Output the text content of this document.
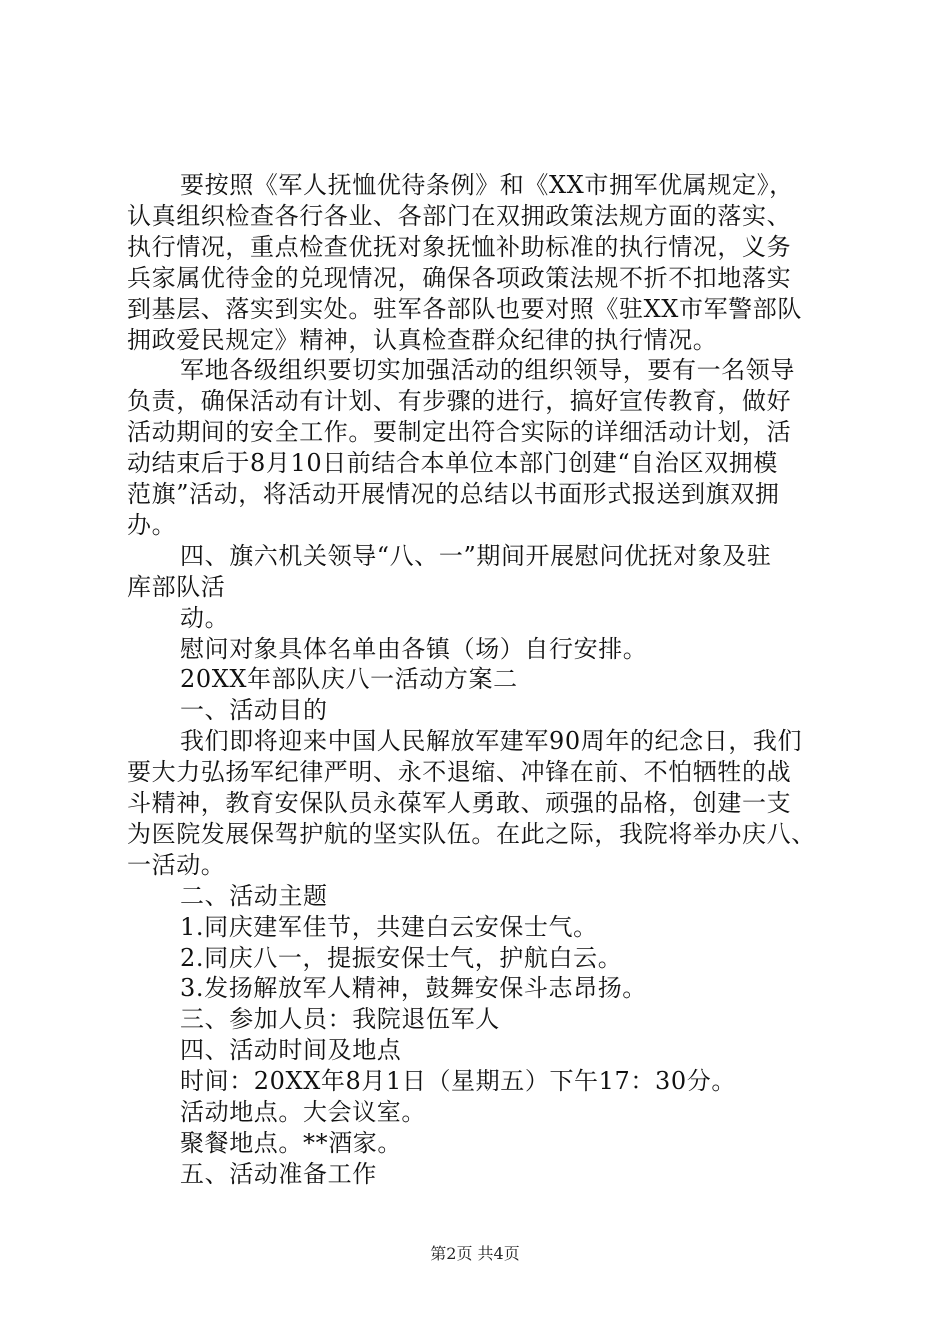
要按照《军人抚恤优待条例》和《XX市拥军优属规定》，
认真组织检查各行各业、各部门在双拥政策法规方面的落实、
执行情况，重点检查优抚对象抚恤补助标准的执行情况，义务
兵家属优待金的兑现情况，确保各项政策法规不折不扣地落实
到基层、落实到实处。驻军各部队也要对照《驻XX市军警部队
拥政爱民规定》精神，认真检查群众纪律的执行情况。
军地各级组织要切实加强活动的组织领导，要有一名领导
负责，确保活动有计划、有步骤的进行，搞好宣传教育，做好
活动期间的安全工作。要制定出符合实际的详细活动计划，活
动结束后于8月10日前结合本单位本部门创建“自治区双拥模
范旗”活动，将活动开展情况的总结以书面形式报送到旗双拥
办。
四、旗六机关领导“八、一”期间开展慰问优抚对象及驻
库部队活
动。
慰问对象具体名单由各镇（场）自行安排。
20XX年部队庆八一活动方案二
一、活动目的
我们即将迎来中国人民解放军建军90周年的纪念日，我们
要大力弘扬军纪律严明、永不退缩、冲锋在前、不怕牺牲的战
斗精神，教育安保队员永葆军人勇敢、顽强的品格，创建一支
为医院发展保驾护航的坚实队伍。在此之际，我院将举办庆八、
一活动。
二、活动主题
1.同庆建军佳节，共建白云安保士气。
2.同庆八一，提振安保士气，护航白云。
3.发扬解放军人精神，鼓舞安保斗志昂扬。
三、参加人员：我院退伍军人
四、活动时间及地点
时间：20XX年8月1日（星期五）下午17：30分。
活动地点。大会议室。
聚餐地点。**酒家。
五、活动准备工作
第2页 共4页
